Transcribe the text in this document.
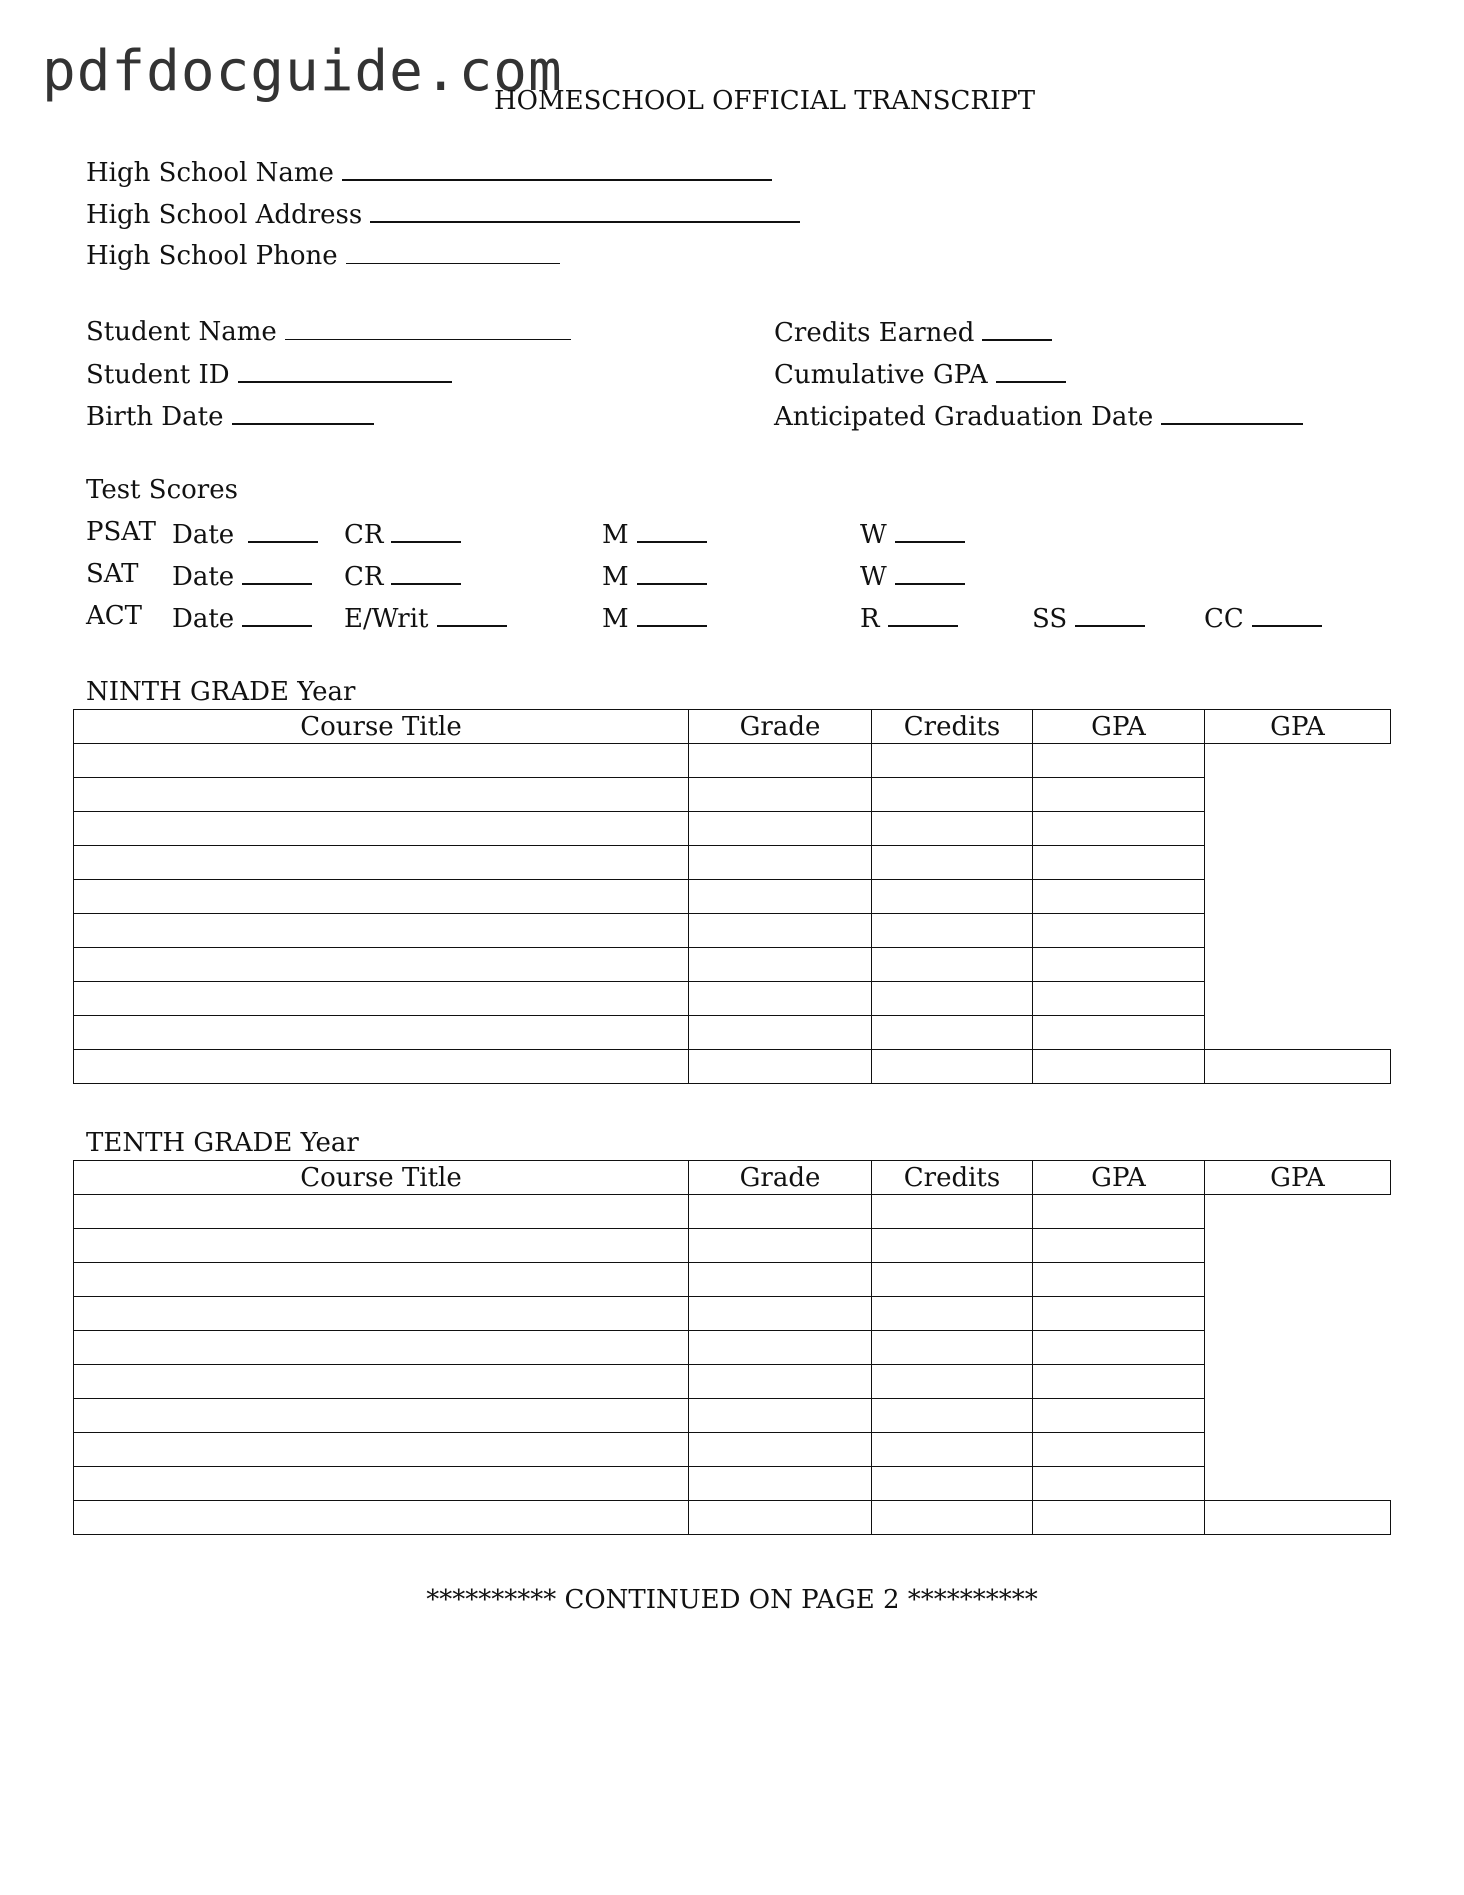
pdfdocguide.com
HOMESCHOOL OFFICIAL TRANSCRIPT
High School Name
High School Address
High School Phone
Student Name
Student ID
Birth Date
Credits Earned
Cumulative GPA
Anticipated Graduation Date
Test Scores
PSAT Date	CR	M	W
SAT Date	CR	M	W
ACT Date	E/Writ	M	R	SS	CC
NINTH GRADE Year
Course Title	Grade	Credits	GPA	GPA

TENTH GRADE Year
Course Title	Grade	Credits	GPA	GPA

********** CONTINUED ON PAGE 2 **********
